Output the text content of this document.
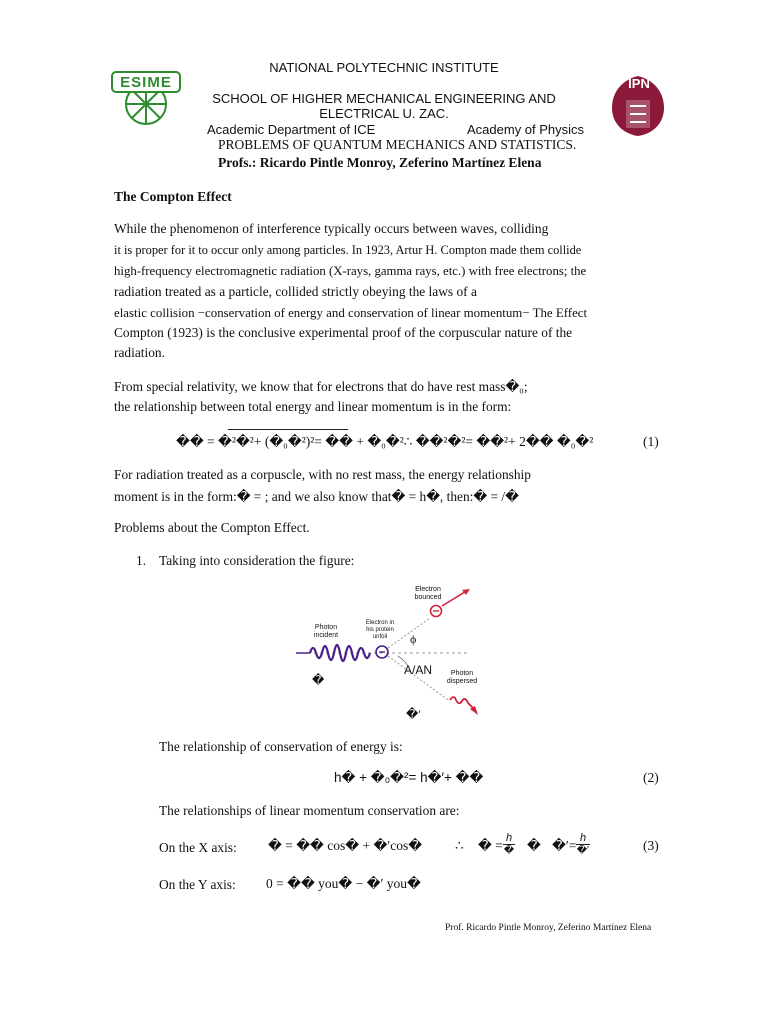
ESIME	IPN
NATIONAL POLYTECHNIC INSTITUTE
SCHOOL OF HIGHER MECHANICAL ENGINEERING AND
ELECTRICAL U. ZAC.
Academic Department of ICE	Academy of Physics
PROBLEMS OF QUANTUM MECHANICS AND STATISTICS.
Profs.: Ricardo Pintle Monroy, Zeferino Martínez Elena
The Compton Effect
While the phenomenon of interference typically occurs between waves, colliding
it is proper for it to occur only among particles. In 1923, Artur H. Compton made them collide
high-frequency electromagnetic radiation (X-rays, gamma rays, etc.) with free electrons; the
radiation treated as a particle, collided strictly obeying the laws of a
elastic collision −conservation of energy and conservation of linear momentum− The Effect
Compton (1923) is the conclusive experimental proof of the corpuscular nature of the
radiation.
From special relativity, we know that for electrons that do have rest mass�₀;
the relationship between total energy and linear momentum is in the form:
�� = �²�²+ (�₀�²)²= �� + �₀�²∴ ��²�²= ��²+ 2�� �₀�²	(1)
For radiation treated as a corpuscle, with no rest mass, the energy relationship
moment is in the form:� = ; and we also know that� = h�, then:� = /�
Problems about the Compton Effect.
1. Taking into consideration the figure:
Electron
bounced
Photon
incident
Electron in
his protein
unfoil
Photon
dispersed
ϕ
A/AN
�
�′
The relationship of conservation of energy is:
h� + �₀�²= h�′+ ��	(2)
The relationships of linear momentum conservation are:
On the X axis: � = �� cos� + �′cos� ∴ � = h
� � �′= h
�′	(3)
On the Y axis: 0 = �� you� − �′ you�
Prof. Ricardo Pintle Monroy, Zeferino Martínez Elena
